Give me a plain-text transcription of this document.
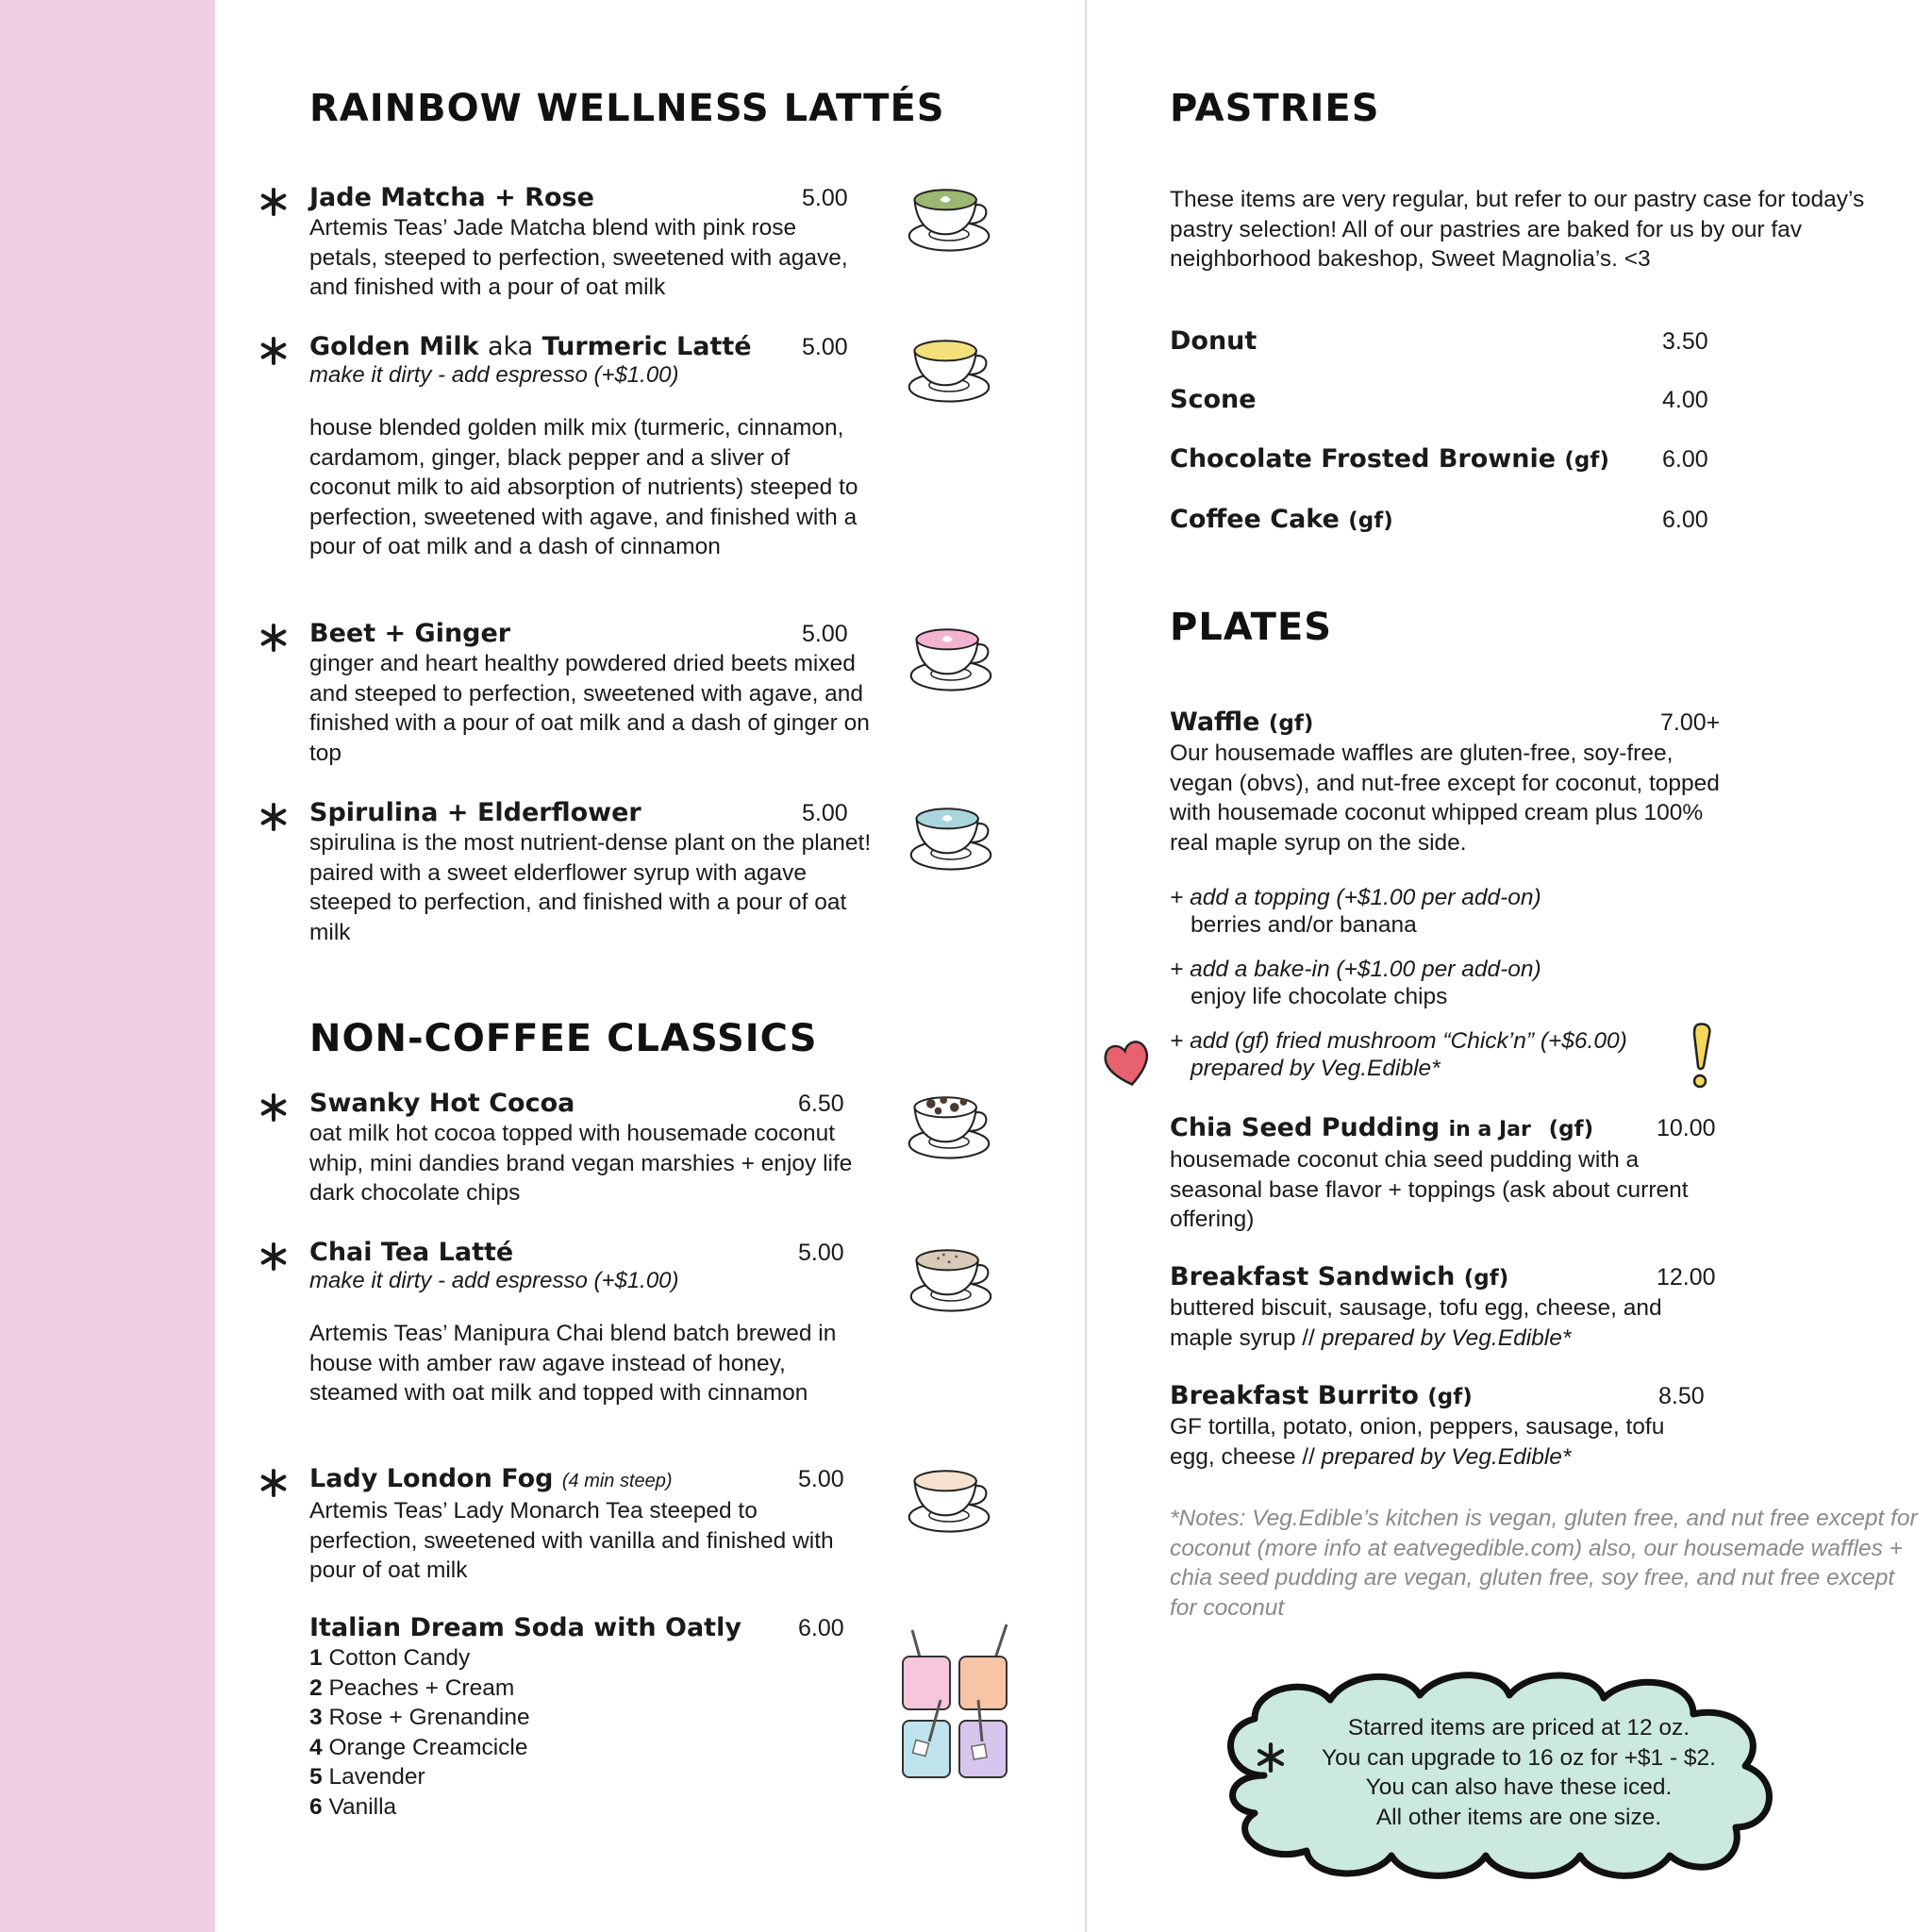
RAINBOW WELLNESS LATTÉS
Jade Matcha + Rose	5.00

Artemis Teas’ Jade Matcha blend with pink rose petals, steeped to perfection, sweetened with agave, and finished with a pour of oat milk

Golden Milk aka Turmeric Latté	5.00

make it dirty - add espresso (+$1.00)

house blended golden milk mix (turmeric, cinnamon, cardamom, ginger, black pepper and a sliver of coconut milk to aid absorption of nutrients) steeped to perfection, sweetened with agave, and finished with a pour of oat milk and a dash of cinnamon

Beet + Ginger	5.00

ginger and heart healthy powdered dried beets mixed and steeped to perfection, sweetened with agave, and finished with a pour of oat milk and a dash of ginger on top

Spirulina + Elderflower	5.00

spirulina is the most nutrient-dense plant on the planet! paired with a sweet elderflower syrup with agave steeped to perfection, and finished with a pour of oat milk

NON-COFFEE CLASSICS
Swanky Hot Cocoa	6.50

oat milk hot cocoa topped with housemade coconut whip, mini dandies brand vegan marshies + enjoy life dark chocolate chips

Chai Tea Latté	5.00

make it dirty - add espresso (+$1.00)

Artemis Teas’ Manipura Chai blend batch brewed in house with amber raw agave instead of honey, steamed with oat milk and topped with cinnamon

Lady London Fog (4 min steep)	5.00

Artemis Teas’ Lady Monarch Tea steeped to perfection, sweetened with vanilla and finished with pour of oat milk

Italian Dream Soda with Oatly	6.00
1 Cotton Candy
2 Peaches + Cream
3 Rose + Grenandine
4 Orange Creamcicle
5 Lavender
6 Vanilla
PASTRIES

These items are very regular, but refer to our pastry case for today’s pastry selection! All of our pastries are baked for us by our fav neighborhood bakeshop, Sweet Magnolia’s. <3

Donut	3.50
Scone	4.00
Chocolate Frosted Brownie (gf)	6.00
Coffee Cake (gf)	6.00
PLATES
Waffle (gf)	7.00+

Our housemade waffles are gluten-free, soy-free, vegan (obvs), and nut-free except for coconut, topped with housemade coconut whipped cream plus 100% real maple syrup on the side.

+ add a topping (+$1.00 per add-on)
berries and/or banana
+ add a bake-in (+$1.00 per add-on)
enjoy life chocolate chips
+ add (gf) fried mushroom “Chick’n” (+$6.00)
prepared by Veg.Edible*
Chia Seed Pudding in a Jar (gf)	10.00

housemade coconut chia seed pudding with a seasonal base flavor + toppings (ask about current offering)

Breakfast Sandwich (gf)	12.00

buttered biscuit, sausage, tofu egg, cheese, and maple syrup // prepared by Veg.Edible*

Breakfast Burrito (gf)	8.50

GF tortilla, potato, onion, peppers, sausage, tofu egg, cheese // prepared by Veg.Edible*

*Notes: Veg.Edible’s kitchen is vegan, gluten free, and nut free except for coconut (more info at eatvegedible.com) also, our housemade waffles + chia seed pudding are vegan, gluten free, soy free, and nut free except for coconut

Starred items are priced at 12 oz.
You can upgrade to 16 oz for +$1 - $2.
You can also have these iced.
All other items are one size.
